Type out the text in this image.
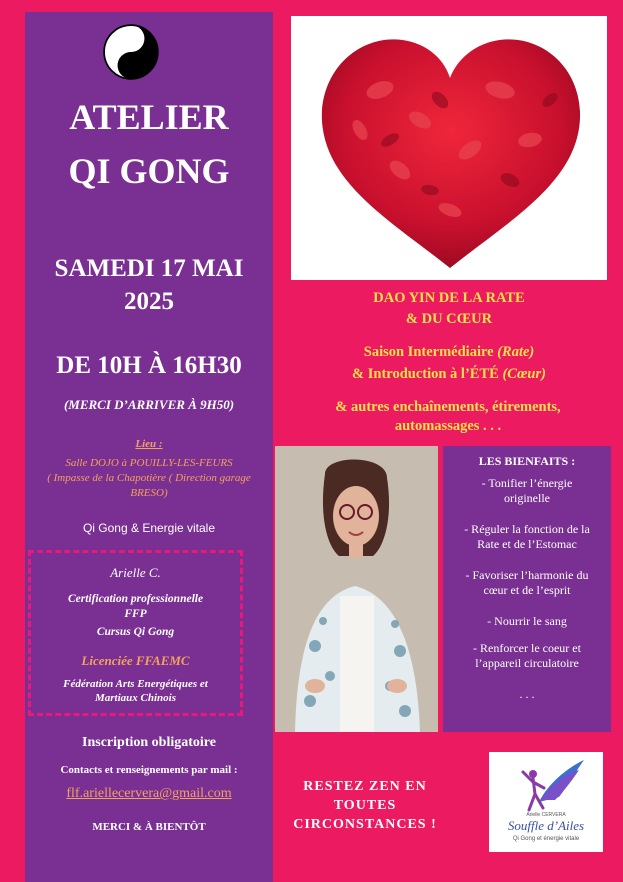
ATELIER
QI GONG
SAMEDI 17 MAI
2025
DE 10H À 16H30
(MERCI D’ARRIVER À 9H50)
Lieu :
Salle DOJO à POUILLY-LES-FEURS
( Impasse de la Chapotière ( Direction garage
BRESO)
Qi Gong & Energie vitale
Arielle C.
Certification professionnelle
FFP
Cursus Qi Gong
Licenciée FFAEMC
Fédération Arts Energétiques et
Martiaux Chinois
Inscription obligatoire
Contacts et renseignements par mail :
flf.ariellecervera@gmail.com
MERCI & À BIENTÔT
DAO YIN DE LA RATE
& DU CŒUR
Saison Intermédiaire (Rate)
& Introduction à l’ÉTÉ (Cœur)
& autres enchaînements, étirements,
automassages . . .
LES BIENFAITS :
- Tonifier l’énergie
originelle
- Réguler la fonction de la
Rate et de l’Estomac
- Favoriser l’harmonie du
cœur et de l’esprit
- Nourrir le sang
- Renforcer le coeur et
l’appareil circulatoire
. . .
RESTEZ ZEN EN
TOUTES
CIRCONSTANCES !
Arielle CERVERA
Souffle d’Ailes
Qi Gong et énergie vitale
